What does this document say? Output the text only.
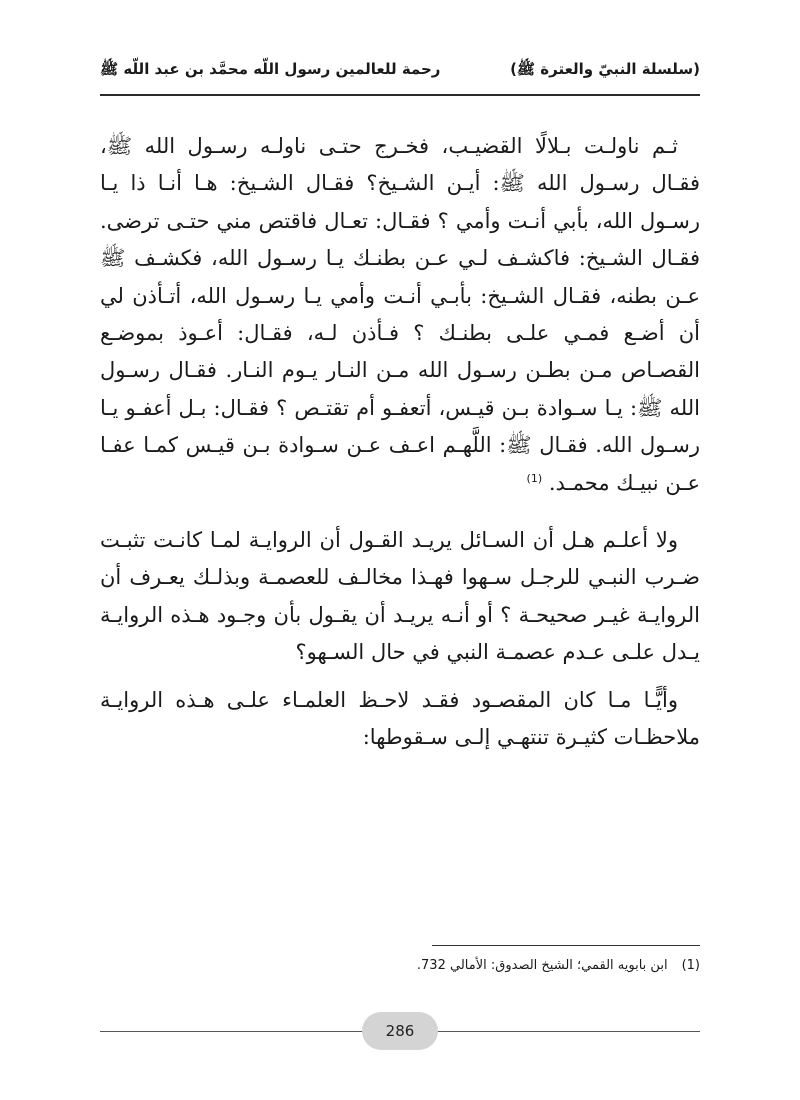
(سلسلة النبيّ والعترة ﷺ)
رحمة للعالمين رسول اللّه محمَّد بن عبد اللّه ﷺ

ثـم ناولـت بـلالًا القضيـب، فخـرج حتـى ناولـه رسـول الله ﷺ، فقـال رسـول الله ﷺ: أيـن الشـيخ؟ فقـال الشـيخ: هـا أنـا ذا يـا رسـول الله، بأبي أنـت وأمي ؟ فقـال: تعـال فاقتص مني حتـى ترضى. فقـال الشـيخ: فاكشـف لـي عـن بطنـك يـا رسـول الله، فكشـف ﷺ عـن بطنه، فقـال الشـيخ: بأبـي أنـت وأمي يـا رسـول الله، أتـأذن لي أن أضـع فمـي علـى بطنـك ؟ فـأذن لـه، فقـال: أعـوذ بموضـع القصـاص مـن بطـن رسـول الله مـن النـار يـوم النـار. فقـال رسـول الله ﷺ: يـا سـوادة بـن قيـس، أتعفـو أم تقتـص ؟ فقـال: بـل أعفـو يـا رسـول الله. فقـال ﷺ: اللَّهـم اعـف عـن سـوادة بـن قيـس كمـا عفـا عـن نبيـك محمـد. $^{(1)}$

ولا أعلـم هـل أن السـائل يريـد القـول أن الروايـة لمـا كانـت تثبـت ضـرب النبـي للرجـل سـهوا فهـذا مخالـف للعصمـة وبذلـك يعـرف أن الروايـة غيـر صحيحـة ؟ أو أنـه يريـد أن يقـول بأن وجـود هـذه الروايـة يـدل علـى عـدم عصمـة النبي في حال السـهو؟

وأيًّـا مـا كان المقصـود فقـد لاحـظ العلمـاء علـى هـذه الروايـة ملاحظـات كثيـرة تنتهـي إلـى سـقوطها:

(1)ابن بابويه القمي؛ الشيخ الصدوق: الأمالي 732.
286
